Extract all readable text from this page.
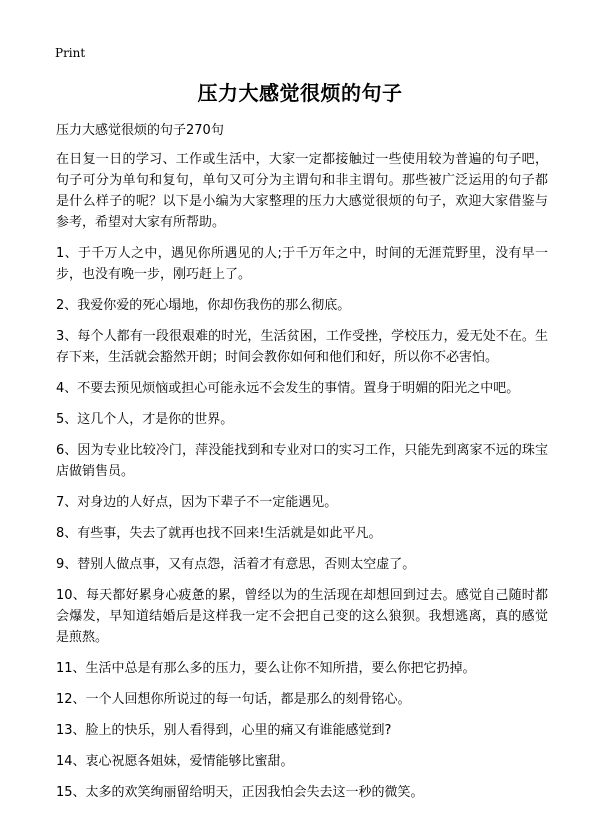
Print
压力大感觉很烦的句子

压力大感觉很烦的句子270句

在日复一日的学习、工作或生活中，大家一定都接触过一些使用较为普遍的句子吧，句子可分为单句和复句，单句又可分为主谓句和非主谓句。那些被广泛运用的句子都是什么样子的呢？以下是小编为大家整理的压力大感觉很烦的句子，欢迎大家借鉴与参考，希望对大家有所帮助。

1、于千万人之中，遇见你所遇见的人;于千万年之中，时间的无涯荒野里，没有早一步，也没有晚一步，刚巧赶上了。

2、我爱你爱的死心塌地，你却伤我伤的那么彻底。

3、每个人都有一段很艰难的时光，生活贫困，工作受挫，学校压力，爱无处不在。生存下来，生活就会豁然开朗；时间会教你如何和他们和好，所以你不必害怕。

4、不要去预见烦恼或担心可能永远不会发生的事情。置身于明媚的阳光之中吧。

5、这几个人，才是你的世界。

6、因为专业比较冷门，萍没能找到和专业对口的实习工作，只能先到离家不远的珠宝店做销售员。

7、对身边的人好点，因为下辈子不一定能遇见。

8、有些事，失去了就再也找不回来!生活就是如此平凡。

9、替别人做点事，又有点怨，活着才有意思，否则太空虚了。

10、每天都好累身心疲惫的累，曾经以为的生活现在却想回到过去。感觉自己随时都会爆发，早知道结婚后是这样我一定不会把自己变的这么狼狈。我想逃离，真的感觉是煎熬。

11、生活中总是有那么多的压力，要么让你不知所措，要么你把它扔掉。

12、一个人回想你所说过的每一句话，都是那么的刻骨铭心。

13、脸上的快乐，别人看得到，心里的痛又有谁能感觉到?

14、衷心祝愿各姐妹，爱情能够比蜜甜。

15、太多的欢笑绚丽留给明天，正因我怕会失去这一秒的微笑。
